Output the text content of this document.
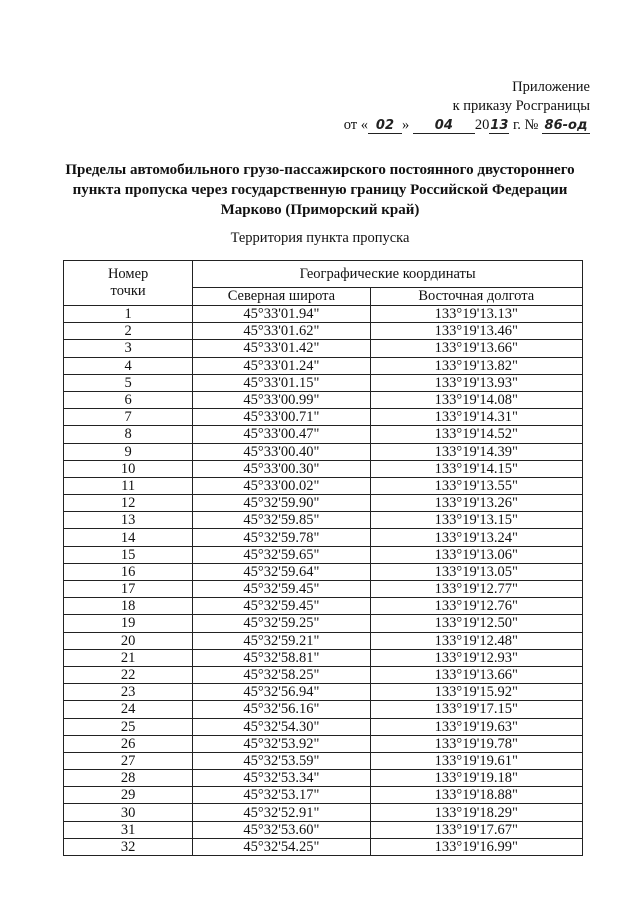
Приложение
к приказу Росграницы
от « 02 » 04 2013 г. № 86-од
Пределы автомобильного грузо-пассажирского постоянного двустороннего
пункта пропуска через государственную границу Российской Федерации
Марково (Приморский край)
Территория пункта пропуска
Номер
точки	Географические координаты	
	Северная широта	Восточная долгота
1	45°33'01.94"	133°19'13.13"
2	45°33'01.62"	133°19'13.46"
3	45°33'01.42"	133°19'13.66"
4	45°33'01.24"	133°19'13.82"
5	45°33'01.15"	133°19'13.93"
6	45°33'00.99"	133°19'14.08"
7	45°33'00.71"	133°19'14.31"
8	45°33'00.47"	133°19'14.52"
9	45°33'00.40"	133°19'14.39"
10	45°33'00.30"	133°19'14.15"
11	45°33'00.02"	133°19'13.55"
12	45°32'59.90"	133°19'13.26"
13	45°32'59.85"	133°19'13.15"
14	45°32'59.78"	133°19'13.24"
15	45°32'59.65"	133°19'13.06"
16	45°32'59.64"	133°19'13.05"
17	45°32'59.45"	133°19'12.77"
18	45°32'59.45"	133°19'12.76"
19	45°32'59.25"	133°19'12.50"
20	45°32'59.21"	133°19'12.48"
21	45°32'58.81"	133°19'12.93"
22	45°32'58.25"	133°19'13.66"
23	45°32'56.94"	133°19'15.92"
24	45°32'56.16"	133°19'17.15"
25	45°32'54.30"	133°19'19.63"
26	45°32'53.92"	133°19'19.78"
27	45°32'53.59"	133°19'19.61"
28	45°32'53.34"	133°19'19.18"
29	45°32'53.17"	133°19'18.88"
30	45°32'52.91"	133°19'18.29"
31	45°32'53.60"	133°19'17.67"
32	45°32'54.25"	133°19'16.99"
